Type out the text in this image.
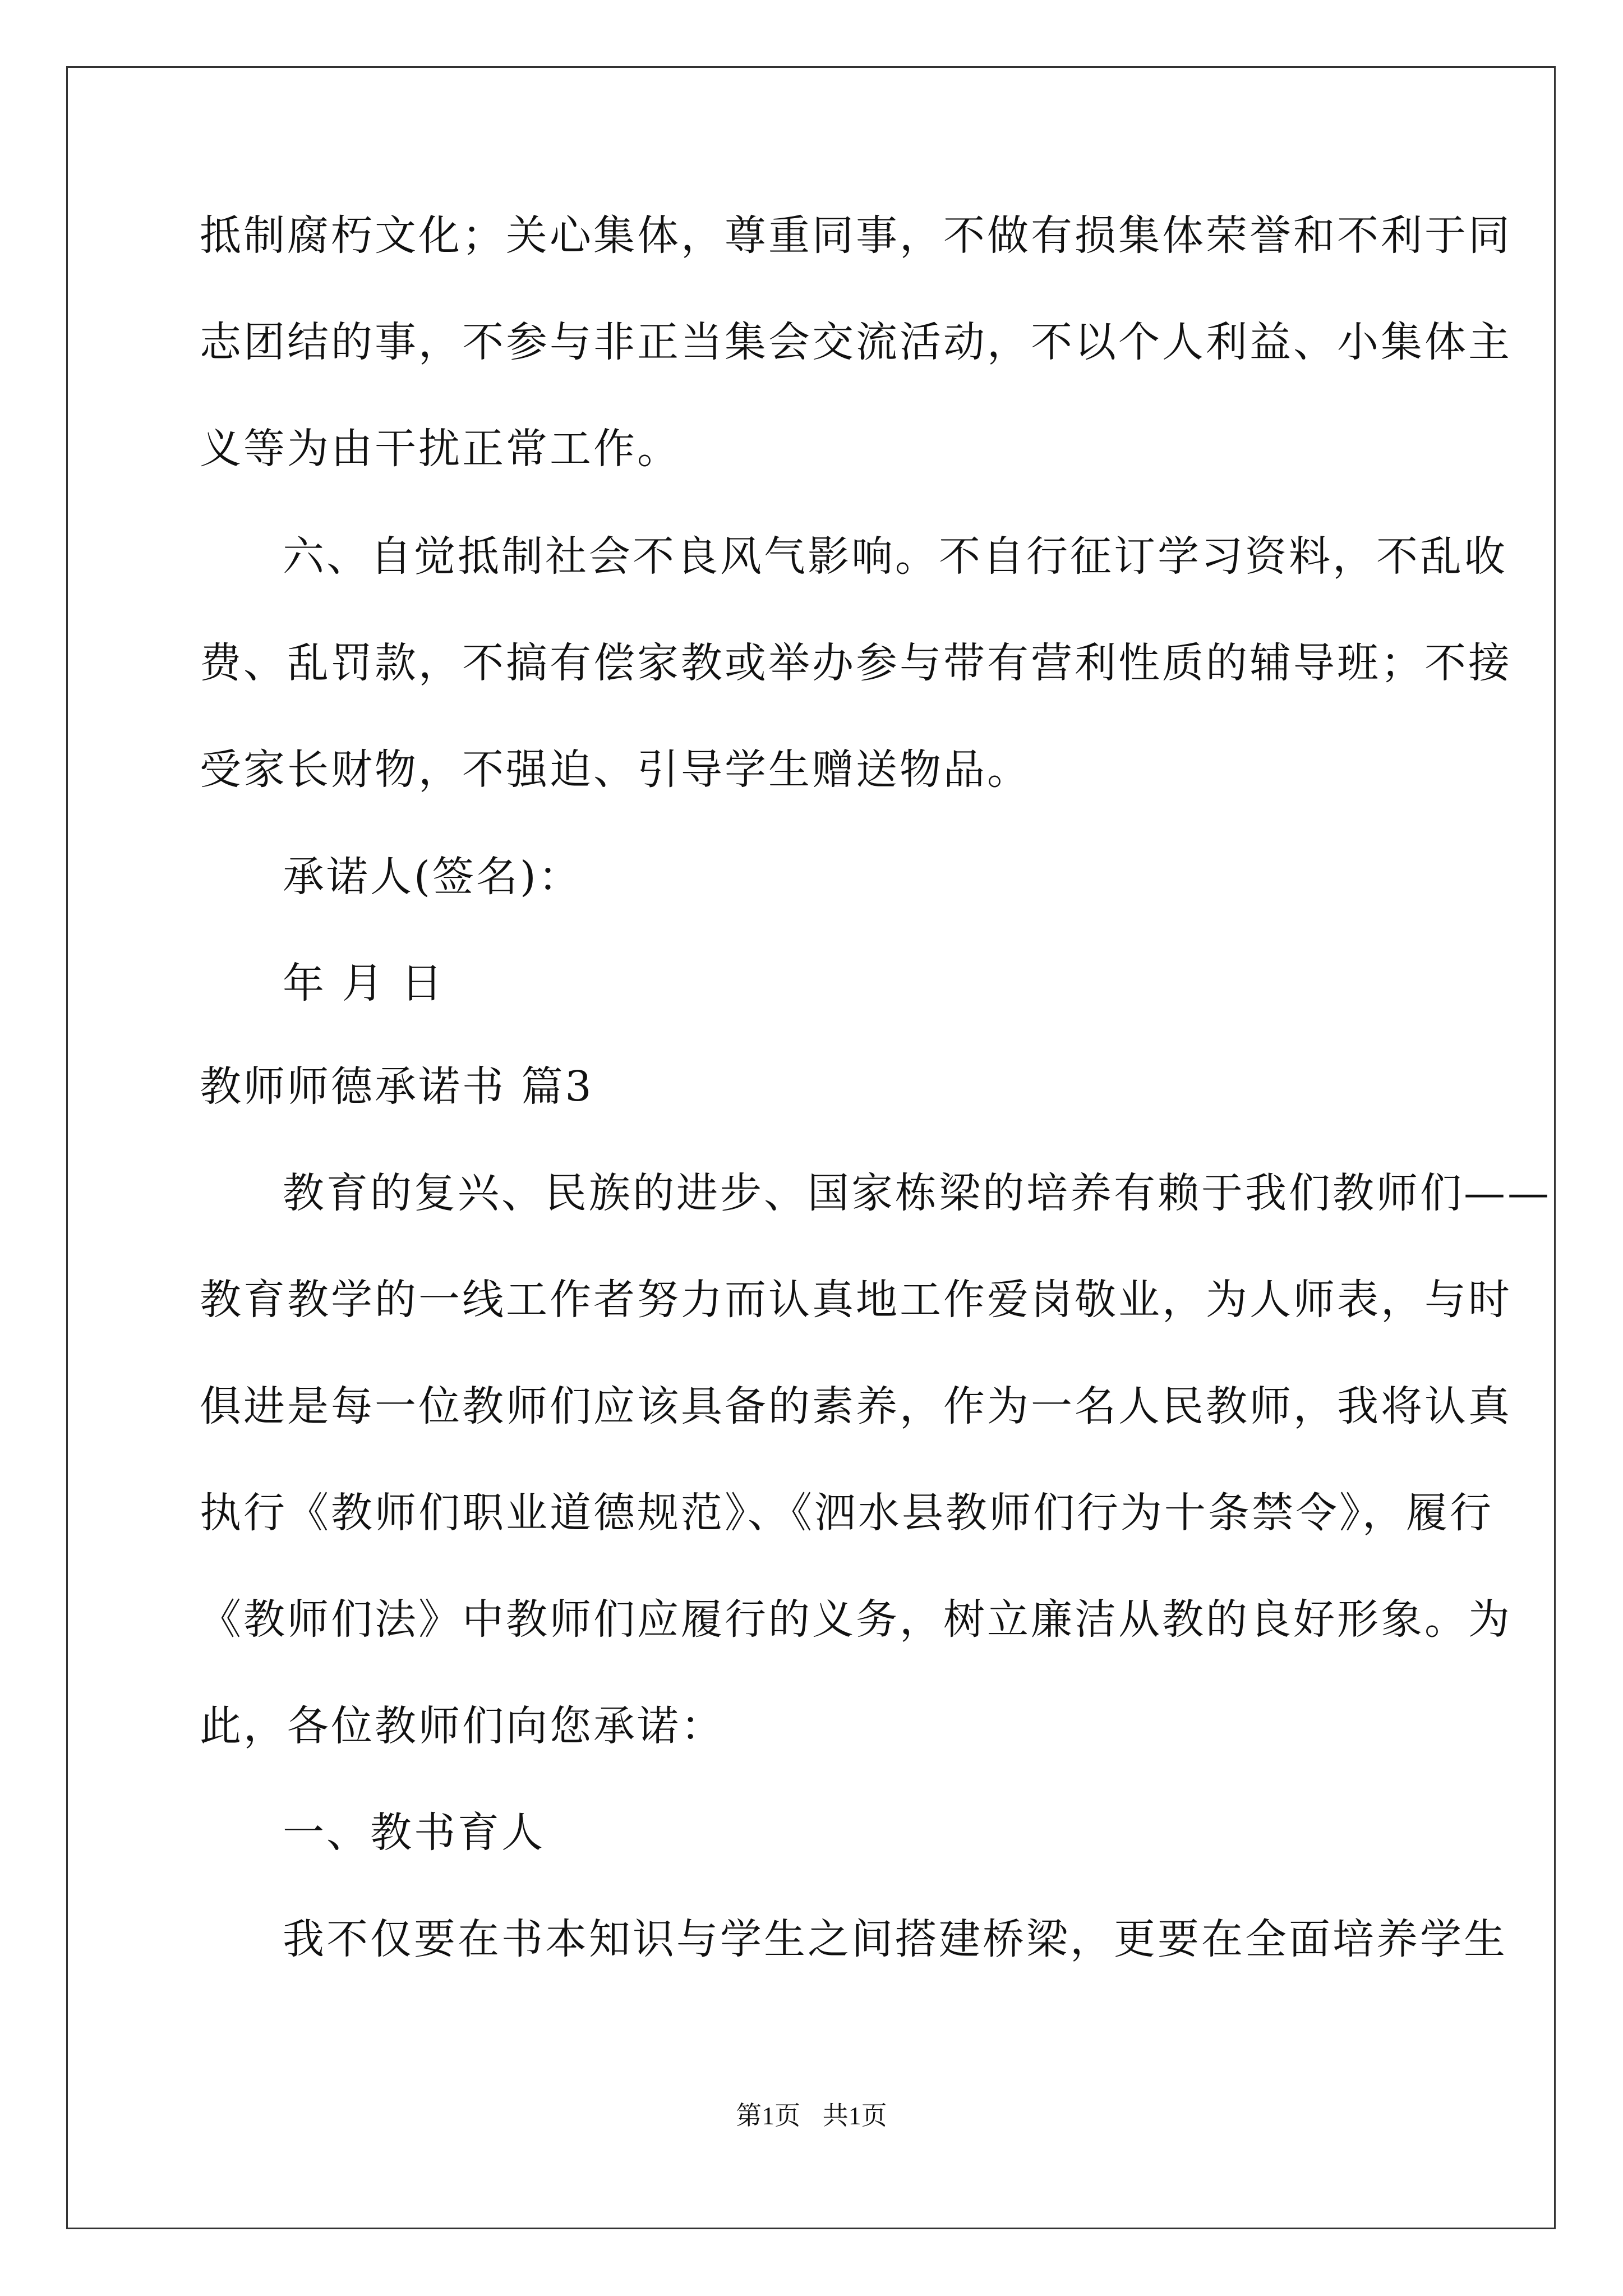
抵制腐朽文化；关心集体，尊重同事，不做有损集体荣誉和不利于同
志团结的事，不参与非正当集会交流活动，不以个人利益、小集体主
义等为由干扰正常工作。
六、自觉抵制社会不良风气影响。不自行征订学习资料，不乱收
费、乱罚款，不搞有偿家教或举办参与带有营利性质的辅导班；不接
受家长财物，不强迫、引导学生赠送物品。
承诺人(签名)：
年 月 日
教师师德承诺书 篇3
教育的复兴、民族的进步、国家栋梁的培养有赖于我们教师们——
教育教学的一线工作者努力而认真地工作爱岗敬业，为人师表，与时
俱进是每一位教师们应该具备的素养，作为一名人民教师，我将认真
执行《教师们职业道德规范》、《泗水县教师们行为十条禁令》，履行
《教师们法》中教师们应履行的义务，树立廉洁从教的良好形象。为
此，各位教师们向您承诺：
一、教书育人
我不仅要在书本知识与学生之间搭建桥梁，更要在全面培养学生
第1页 共1页
